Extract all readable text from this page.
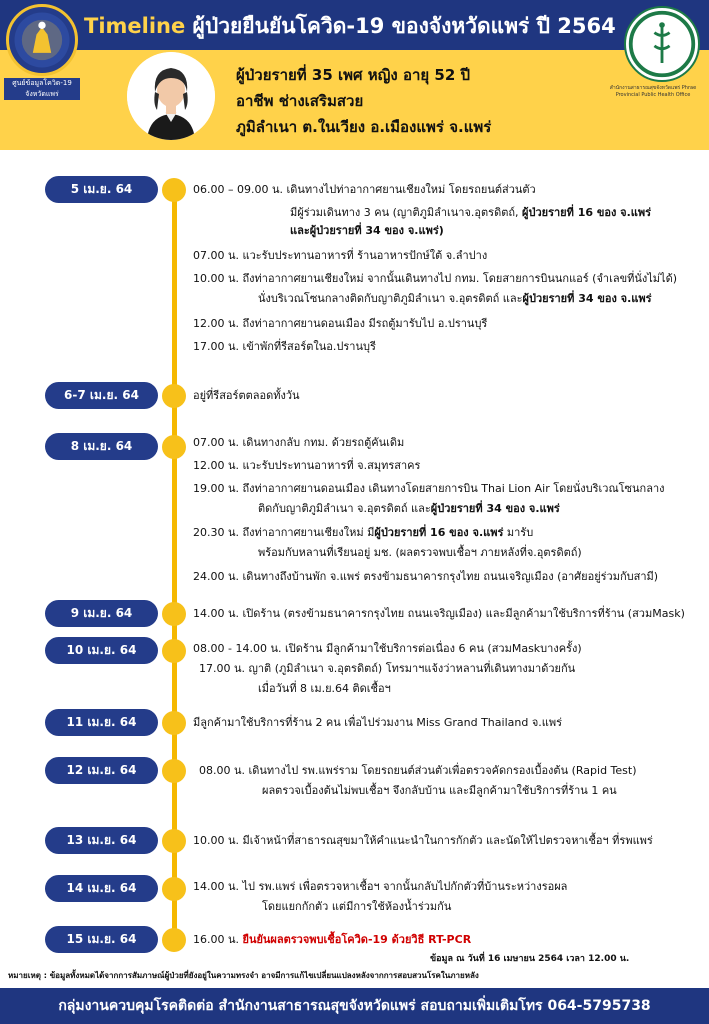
Timeline ผู้ป่วยยืนยันโควิด-19 ของจังหวัดแพร่ ปี 2564
ศูนย์ข้อมูลโควิด-19 จังหวัดแพร่
สำนักงานสาธารณสุขจังหวัดแพร่ Phrae Provincial Public Health Office
ผู้ป่วยรายที่ 35 เพศ หญิง อายุ 52 ปี
อาชีพ ช่างเสริมสวย
ภูมิลำเนา ต.ในเวียง อ.เมืองแพร่ จ.แพร่
5 เม.ย. 64
6-7 เม.ย. 64
8 เม.ย. 64
9 เม.ย. 64
10 เม.ย. 64
11 เม.ย. 64
12 เม.ย. 64
13 เม.ย. 64
14 เม.ย. 64
15 เม.ย. 64
06.00 – 09.00 น. เดินทางไปท่าอากาศยานเชียงใหม่ โดยรถยนต์ส่วนตัว
มีผู้ร่วมเดินทาง 3 คน (ญาติภูมิลำเนาจ.อุตรดิตถ์, ผู้ป่วยรายที่ 16 ของ จ.แพร่
และผู้ป่วยรายที่ 34 ของ จ.แพร่)
07.00 น. แวะรับประทานอาหารที่ ร้านอาหารปักษ์ใต้ จ.ลำปาง
10.00 น. ถึงท่าอากาศยานเชียงใหม่ จากนั้นเดินทางไป กทม. โดยสายการบินนกแอร์ (จำเลขที่นั่งไม่ได้)
นั่งบริเวณโซนกลางติดกับญาติภูมิลำเนา จ.อุตรดิตถ์ และผู้ป่วยรายที่ 34 ของ จ.แพร่
12.00 น. ถึงท่าอากาศยานดอนเมือง มีรถตู้มารับไป อ.ปรานบุรี
17.00 น. เข้าพักที่รีสอร์ตในอ.ปรานบุรี
อยู่ที่รีสอร์ตตลอดทั้งวัน
07.00 น. เดินทางกลับ กทม. ด้วยรถตู้คันเดิม
12.00 น. แวะรับประทานอาหารที่ จ.สมุทรสาคร
19.00 น. ถึงท่าอากาศยานดอนเมือง เดินทางโดยสายการบิน Thai Lion Air โดยนั่งบริเวณโซนกลาง
ติดกับญาติภูมิลำเนา จ.อุตรดิตถ์ และผู้ป่วยรายที่ 34 ของ จ.แพร่
20.30 น. ถึงท่าอากาศยานเชียงใหม่ มีผู้ป่วยรายที่ 16 ของ จ.แพร่ มารับ
พร้อมกับหลานที่เรียนอยู่ มช. (ผลตรวจพบเชื้อฯ ภายหลังที่จ.อุตรดิตถ์)
24.00 น. เดินทางถึงบ้านพัก จ.แพร่ ตรงข้ามธนาคารกรุงไทย ถนนเจริญเมือง (อาศัยอยู่ร่วมกับสามี)
14.00 น. เปิดร้าน (ตรงข้ามธนาคารกรุงไทย ถนนเจริญเมือง) และมีลูกค้ามาใช้บริการที่ร้าน (สวมMask)
08.00 - 14.00 น. เปิดร้าน มีลูกค้ามาใช้บริการต่อเนื่อง 6 คน (สวมMaskบางครั้ง)
17.00 น. ญาติ (ภูมิลำเนา จ.อุตรดิตถ์) โทรมาฯแจ้งว่าหลานที่เดินทางมาด้วยกัน
เมื่อวันที่ 8 เม.ย.64 ติดเชื้อฯ
มีลูกค้ามาใช้บริการที่ร้าน 2 คน เพื่อไปร่วมงาน Miss Grand Thailand จ.แพร่
08.00 น. เดินทางไป รพ.แพร่ราม โดยรถยนต์ส่วนตัวเพื่อตรวจคัดกรองเบื้องต้น (Rapid Test)
ผลตรวจเบื้องต้นไม่พบเชื้อฯ จึงกลับบ้าน และมีลูกค้ามาใช้บริการที่ร้าน 1 คน
10.00 น. มีเจ้าหน้าที่สาธารณสุขมาให้คำแนะนำในการกักตัว และนัดให้ไปตรวจหาเชื้อฯ ที่รพแพร่
14.00 น. ไป รพ.แพร่ เพื่อตรวจหาเชื้อฯ จากนั้นกลับไปกักตัวที่บ้านระหว่างรอผล
โดยแยกกักตัว แต่มีการใช้ห้องน้ำร่วมกัน
16.00 น. ยืนยันผลตรวจพบเชื้อโควิด-19 ด้วยวิธี RT-PCR
ข้อมูล ณ วันที่ 16 เมษายน 2564 เวลา 12.00 น.
หมายเหตุ : ข้อมูลทั้งหมดได้จากการสัมภาษณ์ผู้ป่วยที่ยังอยู่ในความทรงจำ อาจมีการแก้ไขเปลี่ยนแปลงหลังจากการสอบสวนโรคในภายหลัง
กลุ่มงานควบคุมโรคติดต่อ สำนักงานสาธารณสุขจังหวัดแพร่ สอบถามเพิ่มเติมโทร 064-5795738
